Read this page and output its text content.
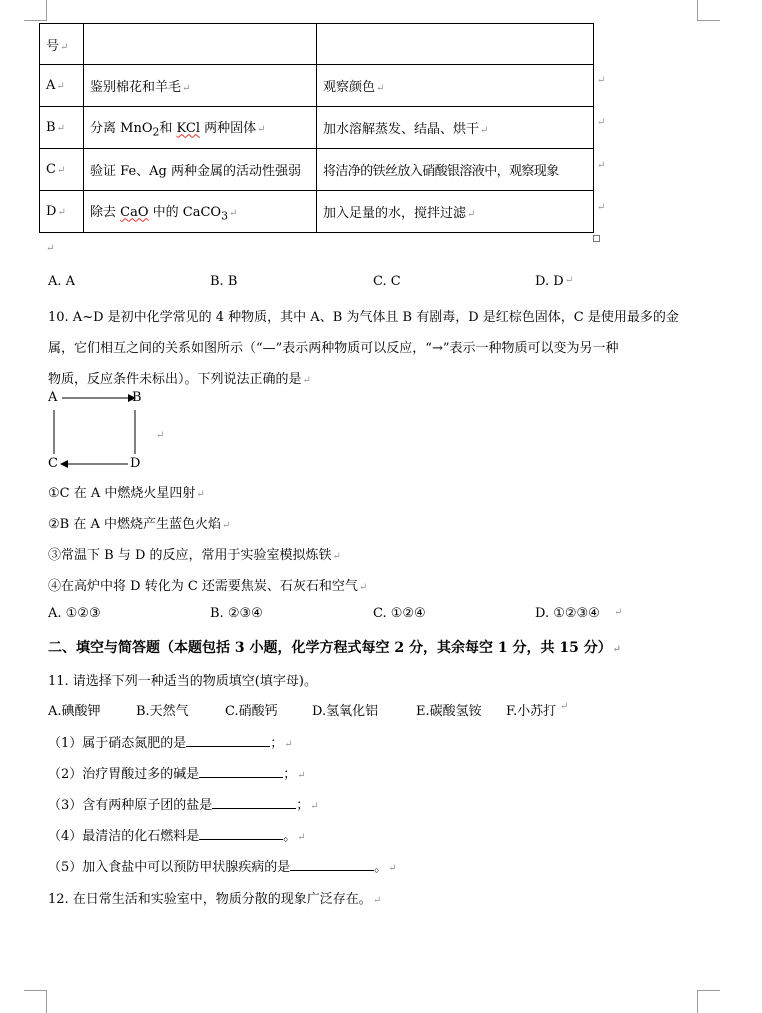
号↵		
A↵	鉴别棉花和羊毛↵	观察颜色↵
B↵	分离 MnO$_2$和 KCl 两种固体↵	加水溶解蒸发、结晶、烘干↵
C↵	验证 Fe、Ag 两种金属的活动性强弱	将洁净的铁丝放入硝酸银溶液中，观察现象
D↵	除去 CaO 中的 CaCO$_3$↵	加入足量的水，搅拌过滤↵
↵
↵
↵
↵
↵
A. A	B. B	C. C	D. D ↵
10. A~D 是初中化学常见的 4 种物质，其中 A、B 为气体且 B 有剧毒，D 是红棕色固体，C 是使用最多的金
属，它们相互之间的关系如图所示（“—”表示两种物质可以反应，“→”表示一种物质可以变为另一种
物质，反应条件未标出）。下列说法正确的是↵
A	B
C	D
↵
①C 在 A 中燃烧火星四射↵
②B 在 A 中燃烧产生蓝色火焰↵
③常温下 B 与 D 的反应，常用于实验室模拟炼铁↵
④在高炉中将 D 转化为 C 还需要焦炭、石灰石和空气↵
A. ①②③	B. ②③④	C. ①②④	D. ①②③④ ↵
二、填空与简答题（本题包括 3 小题，化学方程式每空 2 分，其余每空 1 分，共 15 分）↵
11. 请选择下列一种适当的物质填空(填字母)。
A.碘酸钾	B.天然气	C.硝酸钙	D.氢氧化铝	E.碳酸氢铵 F.小苏打 ↵
（1）属于硝态氮肥的是	；↵
（2）治疗胃酸过多的碱是	；↵
（3）含有两种原子团的盐是	；↵
（4）最清洁的化石燃料是	。↵
（5）加入食盐中可以预防甲状腺疾病的是	。↵
12. 在日常生活和实验室中，物质分散的现象广泛存在。↵
